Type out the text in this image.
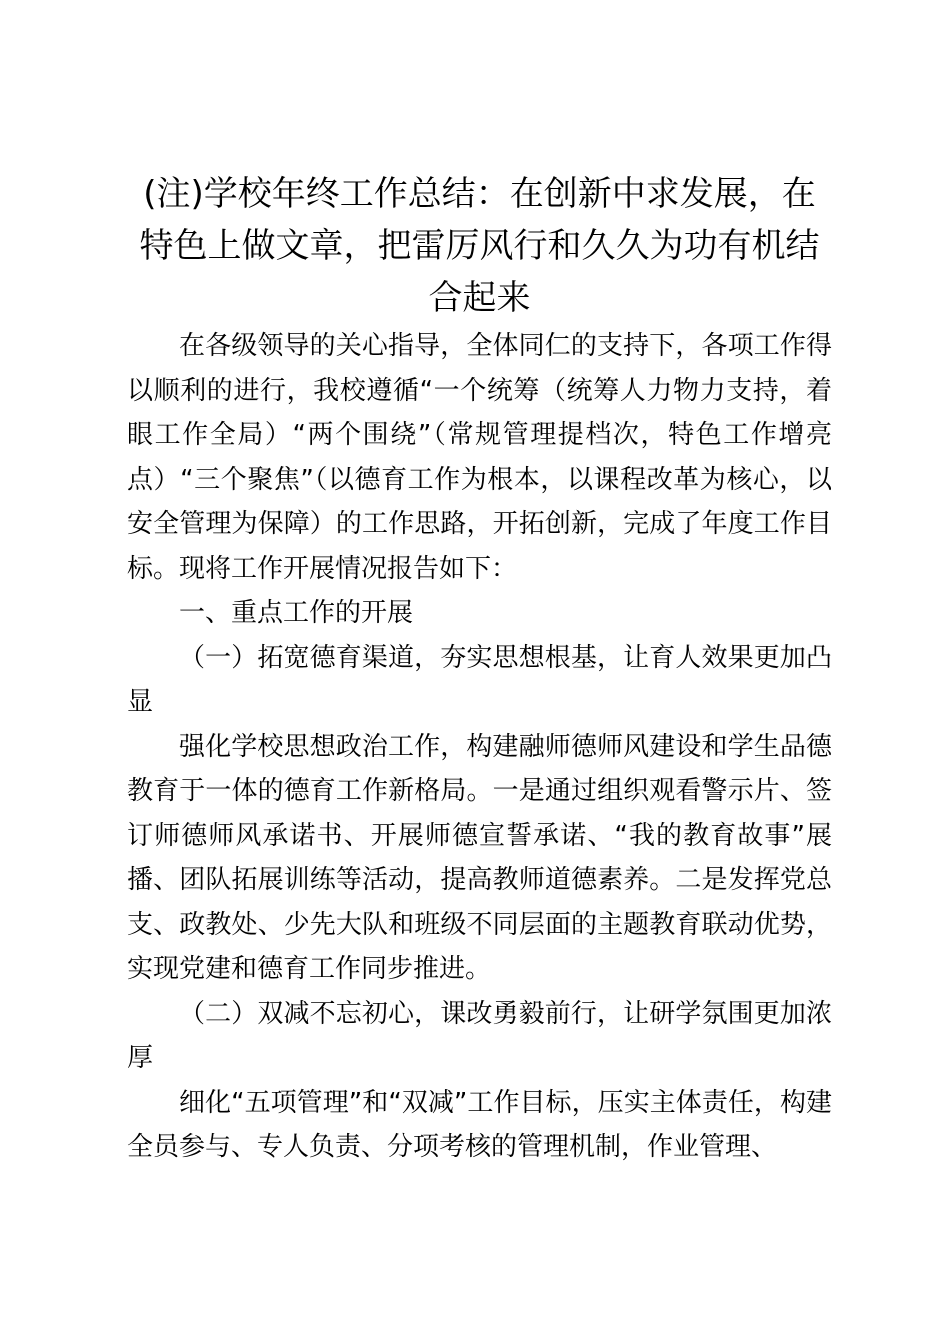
(注)学校年终工作总结：在创新中求发展，在特色上做文章，把雷厉风行和久久为功有机结合起来

在各级领导的关心指导，全体同仁的支持下，各项工作得以顺利的进行，我校遵循“一个统筹（统筹人力物力支持，着眼工作全局）“两个围绕”（常规管理提档次，特色工作增亮点）“三个聚焦”（以德育工作为根本，以课程改革为核心，以安全管理为保障）的工作思路，开拓创新，完成了年度工作目标。现将工作开展情况报告如下：

一、重点工作的开展

（一）拓宽德育渠道，夯实思想根基，让育人效果更加凸显

强化学校思想政治工作，构建融师德师风建设和学生品德教育于一体的德育工作新格局。一是通过组织观看警示片、签订师德师风承诺书、开展师德宣誓承诺、“我的教育故事”展播、团队拓展训练等活动，提高教师道德素养。二是发挥党总支、政教处、少先大队和班级不同层面的主题教育联动优势，实现党建和德育工作同步推进。

（二）双减不忘初心，课改勇毅前行，让研学氛围更加浓厚

细化“五项管理”和“双减”工作目标，压实主体责任，构建全员参与、专人负责、分项考核的管理机制，作业管理、
